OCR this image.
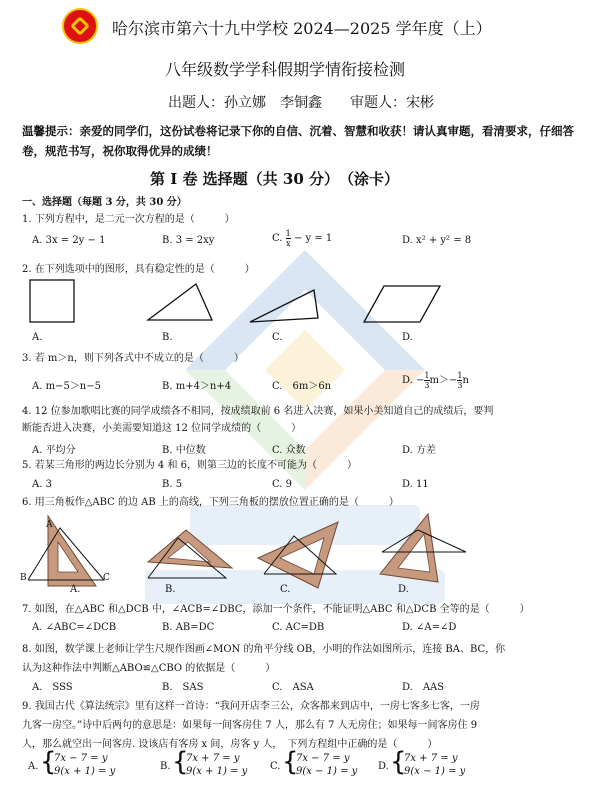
哈尔滨市第六十九中学校 2024—2025 学年度（上）
八年级数学学科假期学情衔接检测
出题人：孙立娜　李铜鑫　　审题人：宋彬
温馨提示：亲爱的同学们，这份试卷将记录下你的自信、沉着、智慧和收获！请认真审题，看清要求，仔细答卷，规范书写，祝你取得优异的成绩！
第 I 卷 选择题（共 30 分）　（涂卡）
一、选择题（每题 3 分，共 30 分）
1. 下列方程中，是二元一次方程的是（　　　）
A. 3x = 2y − 1	B. 3 = 2xy	C. $\frac{1}{x} - y = 1$	D. x² + y² = 8
2. 在下列选项中的图形，具有稳定性的是（　　　）
A.	B.	C.	D.
3. 若 m＞n，则下列各式中不成立的是（　　　）
A. m−5＞n−5	B. m+4＞n+4	C.　6m＞6n
D. − $\frac{1}{3} m>- \frac{1}{3}$ n
4. 12 位参加歌唱比赛的同学成绩各不相同，按成绩取前 6 名进入决赛，如果小美知道自己的成绩后，要判
断能否进入决赛，小美需要知道这 12 位同学成绩的（　　　）
A. 平均分	B. 中位数	C. 众数	D. 方差
5. 若某三角形的两边长分别为 4 和 6，则第三边的长度不可能为（　　　）
A. 3	B. 5	C. 9	D. 11
6. 用三角板作△ABC 的边 AB 上的高线，下列三角板的摆放位置正确的是（　　　）
A
B	C
A.	B.	C.	D.
7. 如图，在△ABC 和△DCB 中，∠ACB=∠DBC，添加一个条件，不能证明△ABC 和△DCB 全等的是（　　　）
A. ∠ABC=∠DCB	B. AB=DC	C. AC=DB	D. ∠A=∠D
8. 如图，数学课上老师让学生尺规作图画∠MON 的角平分线 OB，小明的作法如图所示，连接 BA、BC，你
认为这种作法中判断△ABO≌△CBO 的依据是（　　　）
A.　SSS	B.　SAS	C.　ASA	D.　AAS
9. 我国古代《算法统宗》里有这样一首诗：“我问开店李三公，众客都来到店中，一房七客多七客，一房
九客一房空。”诗中后两句的意思是：如果每一间客房住 7 人，那么有 7 人无房住；如果每一间客房住 9
人，那么就空出一间客房. 设该店有客房 x 间，房客 y 人，　下列方程组中正确的是（　　　）
A. {
7x − 7 = y
9(x + 1) = y	B. {
7x + 7 = y
9(x + 1) = y C. {
7x − 7 = y
9(x − 1) = y D. {
7x + 7 = y
9(x − 1) = y
